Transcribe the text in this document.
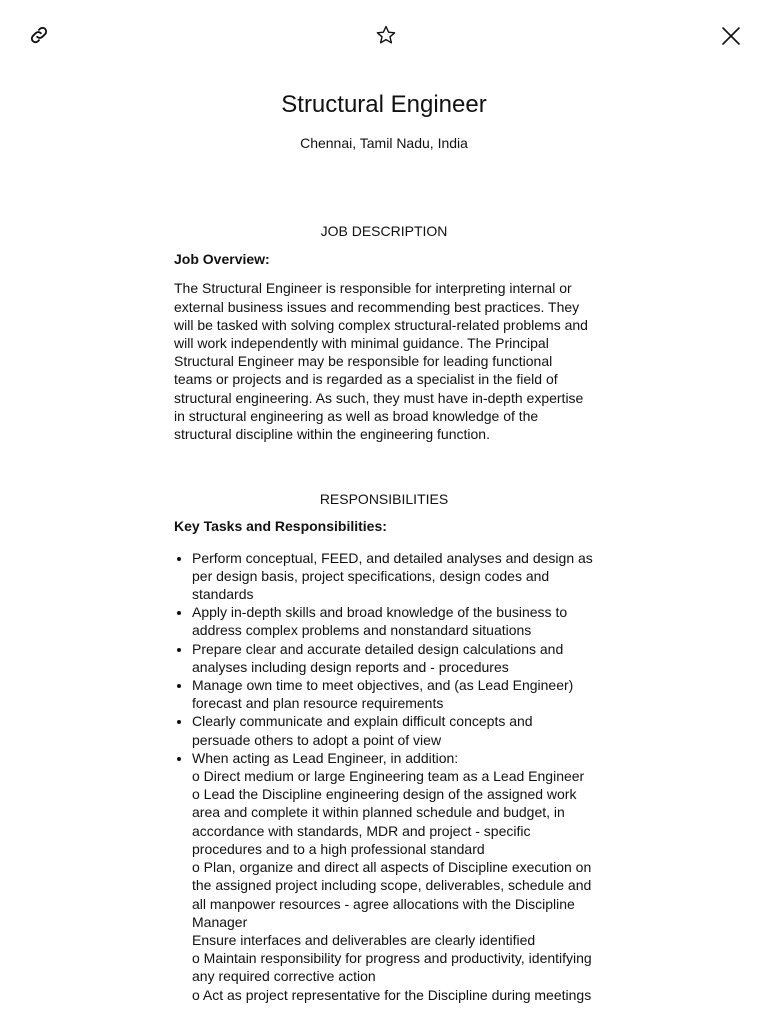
Structural Engineer
Chennai, Tamil Nadu, India

JOB DESCRIPTION

Job Overview:

The Structural Engineer is responsible for interpreting internal or external business issues and recommending best practices. They will be tasked with solving complex structural-related problems and will work independently with minimal guidance. The Principal Structural Engineer may be responsible for leading functional teams or projects and is regarded as a specialist in the field of structural engineering. As such, they must have in-depth expertise in structural engineering as well as broad knowledge of the structural discipline within the engineering function.

RESPONSIBILITIES

Key Tasks and Responsibilities:

• Perform conceptual, FEED, and detailed analyses and design as per design basis, project specifications, design codes and standards
• Apply in-depth skills and broad knowledge of the business to address complex problems and nonstandard situations
• Prepare clear and accurate detailed design calculations and analyses including design reports and - procedures
• Manage own time to meet objectives, and (as Lead Engineer) forecast and plan resource requirements
• Clearly communicate and explain difficult concepts and persuade others to adopt a point of view
• When acting as Lead Engineer, in addition:
o Direct medium or large Engineering team as a Lead Engineer
o Lead the Discipline engineering design of the assigned work area and complete it within planned schedule and budget, in accordance with standards, MDR and project - specific procedures and to a high professional standard
o Plan, organize and direct all aspects of Discipline execution on the assigned project including scope, deliverables, schedule and all manpower resources - agree allocations with the Discipline Manager
Ensure interfaces and deliverables are clearly identified
o Maintain responsibility for progress and productivity, identifying any required corrective action
o Act as project representative for the Discipline during meetings
